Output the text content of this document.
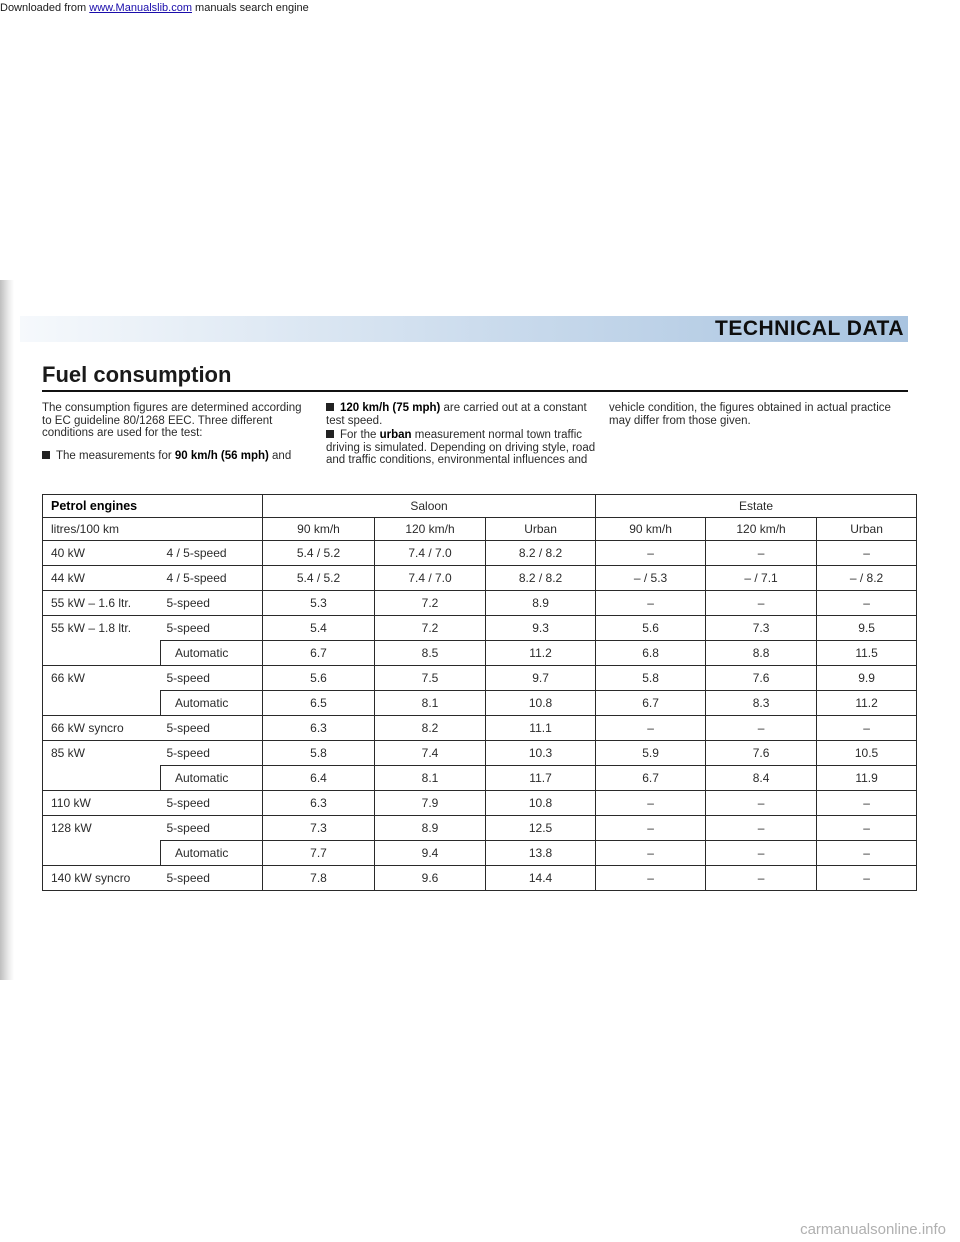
Downloaded from www.Manualslib.com manuals search engine
TECHNICAL DATA
Fuel consumption

The consumption figures are determined according to EC guideline 80/1268 EEC. Three different conditions are used for the test:

The measurements for 90 km/h (56 mph) and

120 km/h (75 mph) are carried out at a constant test speed.

For the urban measurement normal town traffic driving is simulated. Depending on driving style, road and traffic conditions, environmental influences and

vehicle condition, the figures obtained in actual practice may differ from those given.

Petrol engines		Saloon			Estate		
litres/100 km		90 km/h	120 km/h	Urban	90 km/h	120 km/h	Urban
40 kW	4 / 5-speed	5.4 / 5.2	7.4 / 7.0	8.2 / 8.2	–	–	–
44 kW	4 / 5-speed	5.4 / 5.2	7.4 / 7.0	8.2 / 8.2	– / 5.3	– / 7.1	– / 8.2
55 kW – 1.6 ltr.	5-speed	5.3	7.2	8.9	–	–	–
55 kW – 1.8 ltr.	5-speed	5.4	7.2	9.3	5.6	7.3	9.5
	Automatic	6.7	8.5	11.2	6.8	8.8	11.5
66 kW	5-speed	5.6	7.5	9.7	5.8	7.6	9.9
	Automatic	6.5	8.1	10.8	6.7	8.3	11.2
66 kW syncro	5-speed	6.3	8.2	11.1	–	–	–
85 kW	5-speed	5.8	7.4	10.3	5.9	7.6	10.5
	Automatic	6.4	8.1	11.7	6.7	8.4	11.9
110 kW	5-speed	6.3	7.9	10.8	–	–	–
128 kW	5-speed	7.3	8.9	12.5	–	–	–
	Automatic	7.7	9.4	13.8	–	–	–
140 kW syncro	5-speed	7.8	9.6	14.4	–	–	–
carmanualsonline.info
